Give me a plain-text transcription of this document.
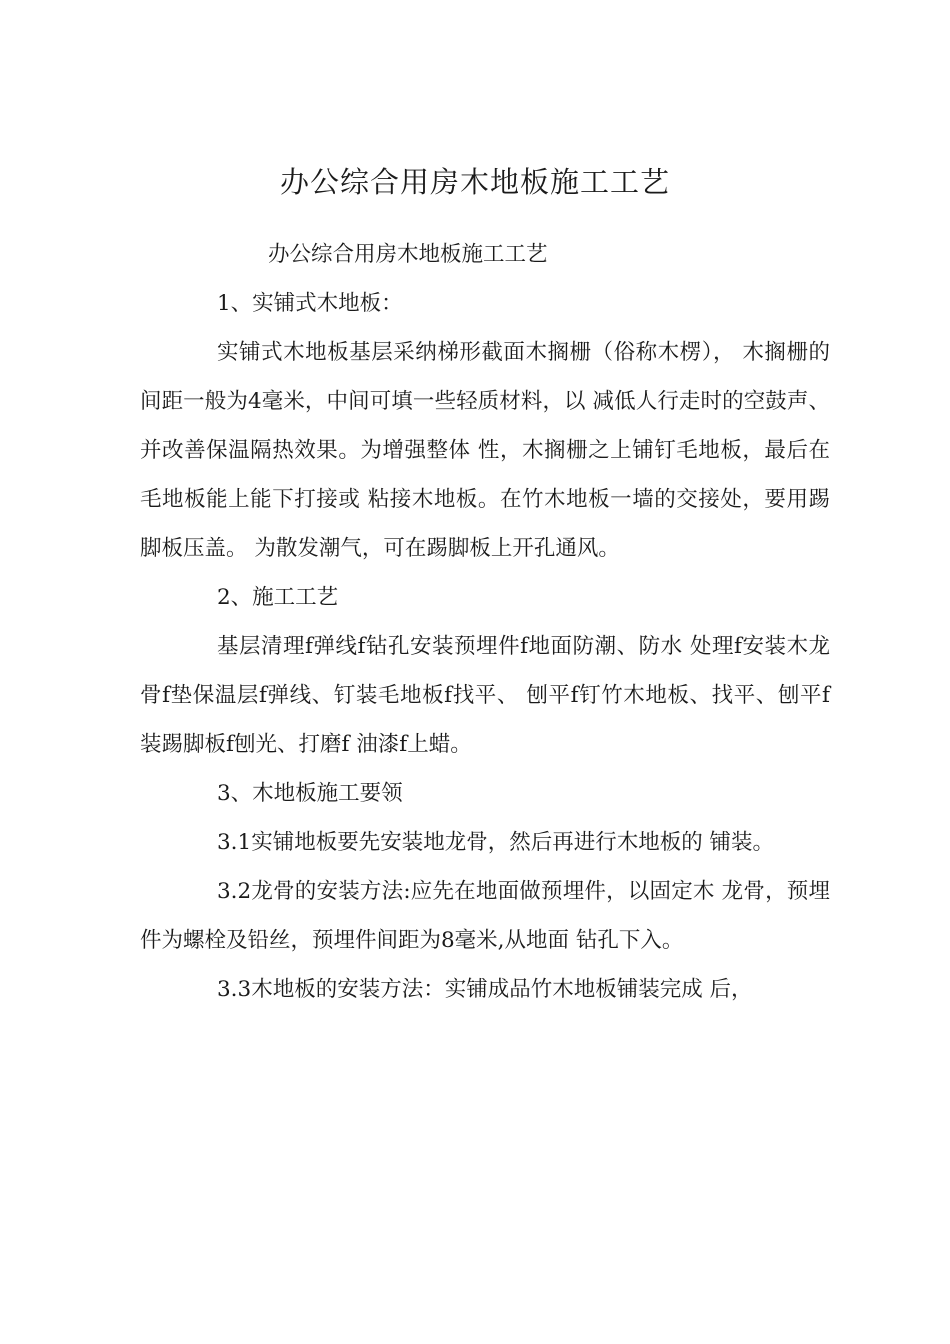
办公综合用房木地板施工工艺

办公综合用房木地板施工工艺

1、实铺式木地板：

实铺式木地板基层采纳梯形截面木搁栅（俗称木楞）， 木搁栅的间距一般为4毫米，中间可填一些轻质材料，以 减低人行走时的空鼓声、并改善保温隔热效果。为增强整体 性，木搁栅之上铺钉毛地板，最后在毛地板能上能下打接或 粘接木地板。在竹木地板一墙的交接处，要用踢脚板压盖。 为散发潮气，可在踢脚板上开孔通风。

2、施工工艺

基层清理f弹线f钻孔安装预埋件f地面防潮、防水 处理f安装木龙骨f垫保温层f弹线、钉装毛地板f找平、 刨平f钉竹木地板、找平、刨平f装踢脚板f刨光、打磨f 油漆f上蜡。

3、木地板施工要领

3.1实铺地板要先安装地龙骨，然后再进行木地板的 铺装。

3.2龙骨的安装方法:应先在地面做预埋件，以固定木 龙骨，预埋件为螺栓及铅丝，预埋件间距为8毫米,从地面 钻孔下入。

3.3木地板的安装方法：实铺成品竹木地板铺装完成 后，
